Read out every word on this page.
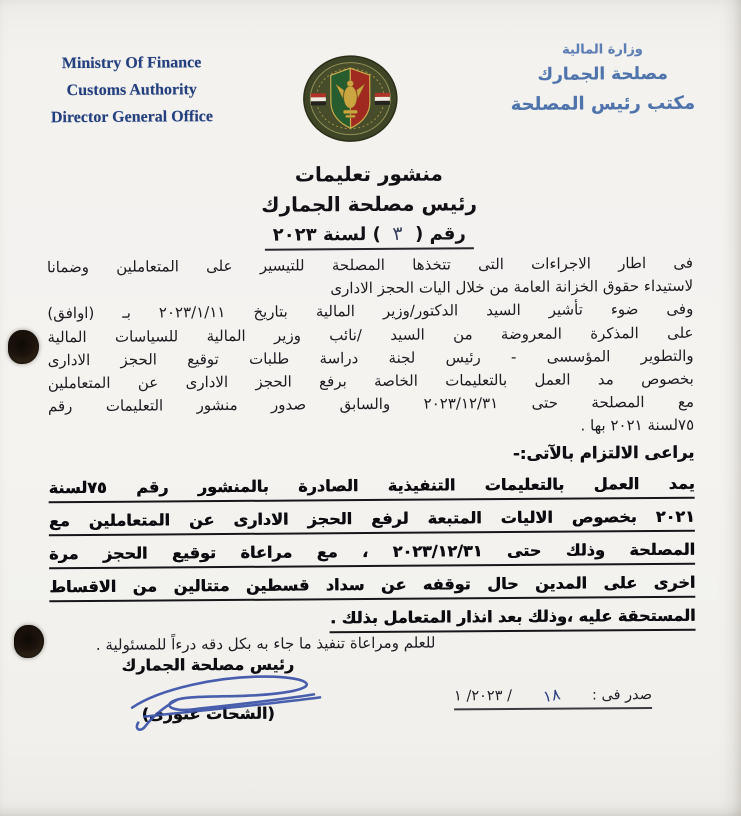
Ministry Of Finance
Customs Authority
Director General Office
وزارة المالية
مصلحة الجمارك
مكتب رئيس المصلحة
منشور تعليمات
رئيس مصلحة الجمارك
رقم (٣) لسنة ٢٠٢٣
فى اطار الاجراءات التى تتخذها المصلحة للتيسير على المتعاملين وضمانا
لاستيداء حقوق الخزانة العامة من خلال اليات الحجز الادارى
وفى ضوء تأشير السيد الدكتور/وزير المالية بتاريخ ٢٠٢٣/١/١١ بـ (اوافق)
على المذكرة المعروضة من السيد /نائب وزير المالية للسياسات المالية
والتطوير المؤسسى - رئيس لجنة دراسة طلبات توقيع الحجز الادارى
بخصوص مد العمل بالتعليمات الخاصة برفع الحجز الادارى عن المتعاملين
مع المصلحة حتى ٢٠٢٣/١٢/٣١ والسابق صدور منشور التعليمات رقم
٧٥لسنة ٢٠٢١ بها .
يراعى الالتزام بالآتى:-
يمد العمل بالتعليمات التنفيذية الصادرة بالمنشور رقم ٧٥لسنة
٢٠٢١ بخصوص الاليات المتبعة لرفع الحجز الادارى عن المتعاملين مع
المصلحة وذلك حتى ٢٠٢٣/١٢/٣١ ، مع مراعاة توقيع الحجز مرة
اخرى على المدين حال توقفه عن سداد قسطين متتالين من الاقساط
المستحقة عليه ،وذلك بعد انذار المتعامل بذلك .
للعلم ومراعاة تنفيذ ما جاء به بكل دقه درءاً للمسئولية .
رئيس مصلحة الجمارك
(الشحات غتورى)
٢٠٢٣/ ١ / ١٨ صدر فى :
